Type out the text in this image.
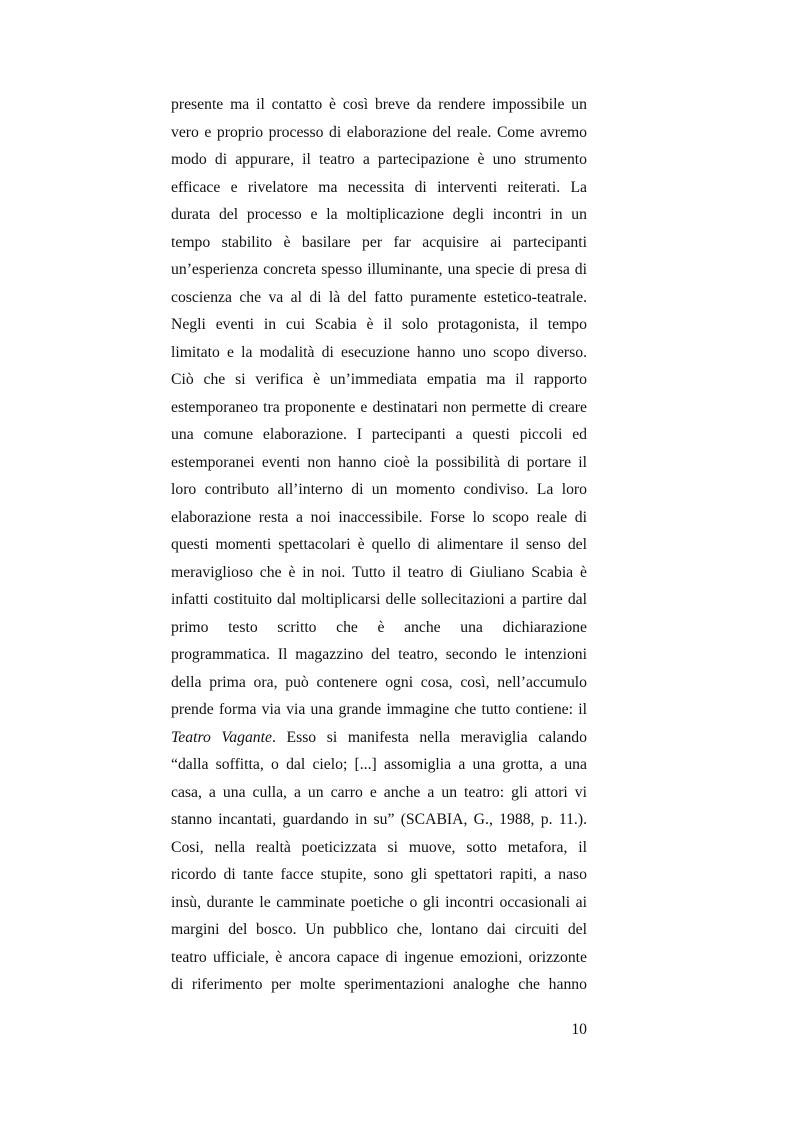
presente ma il contatto è così breve da rendere impossibile un
vero e proprio processo di elaborazione del reale. Come avremo
modo di appurare, il teatro a partecipazione è uno strumento
efficace e rivelatore ma necessita di interventi reiterati. La
durata del processo e la moltiplicazione degli incontri in un
tempo stabilito è basilare per far acquisire ai partecipanti
un’esperienza concreta spesso illuminante, una specie di presa di
coscienza che va al di là del fatto puramente estetico-teatrale.
Negli eventi in cui Scabia è il solo protagonista, il tempo
limitato e la modalità di esecuzione hanno uno scopo diverso.
Ciò che si verifica è un’immediata empatia ma il rapporto
estemporaneo tra proponente e destinatari non permette di creare
una comune elaborazione. I partecipanti a questi piccoli ed
estemporanei eventi non hanno cioè la possibilità di portare il
loro contributo all’interno di un momento condiviso. La loro
elaborazione resta a noi inaccessibile. Forse lo scopo reale di
questi momenti spettacolari è quello di alimentare il senso del
meraviglioso che è in noi. Tutto il teatro di Giuliano Scabia è
infatti costituito dal moltiplicarsi delle sollecitazioni a partire dal
primo testo scritto che è anche una dichiarazione
programmatica. Il magazzino del teatro, secondo le intenzioni
della prima ora, può contenere ogni cosa, così, nell’accumulo
prende forma via via una grande immagine che tutto contiene: il
Teatro Vagante. Esso si manifesta nella meraviglia calando
“dalla soffitta, o dal cielo; [...] assomiglia a una grotta, a una
casa, a una culla, a un carro e anche a un teatro: gli attori vi
stanno incantati, guardando in su” (SCABIA, G., 1988, p. 11.).
Cosi, nella realtà poeticizzata si muove, sotto metafora, il
ricordo di tante facce stupite, sono gli spettatori rapiti, a naso
insù, durante le camminate poetiche o gli incontri occasionali ai
margini del bosco. Un pubblico che, lontano dai circuiti del
teatro ufficiale, è ancora capace di ingenue emozioni, orizzonte
di riferimento per molte sperimentazioni analoghe che hanno
10
